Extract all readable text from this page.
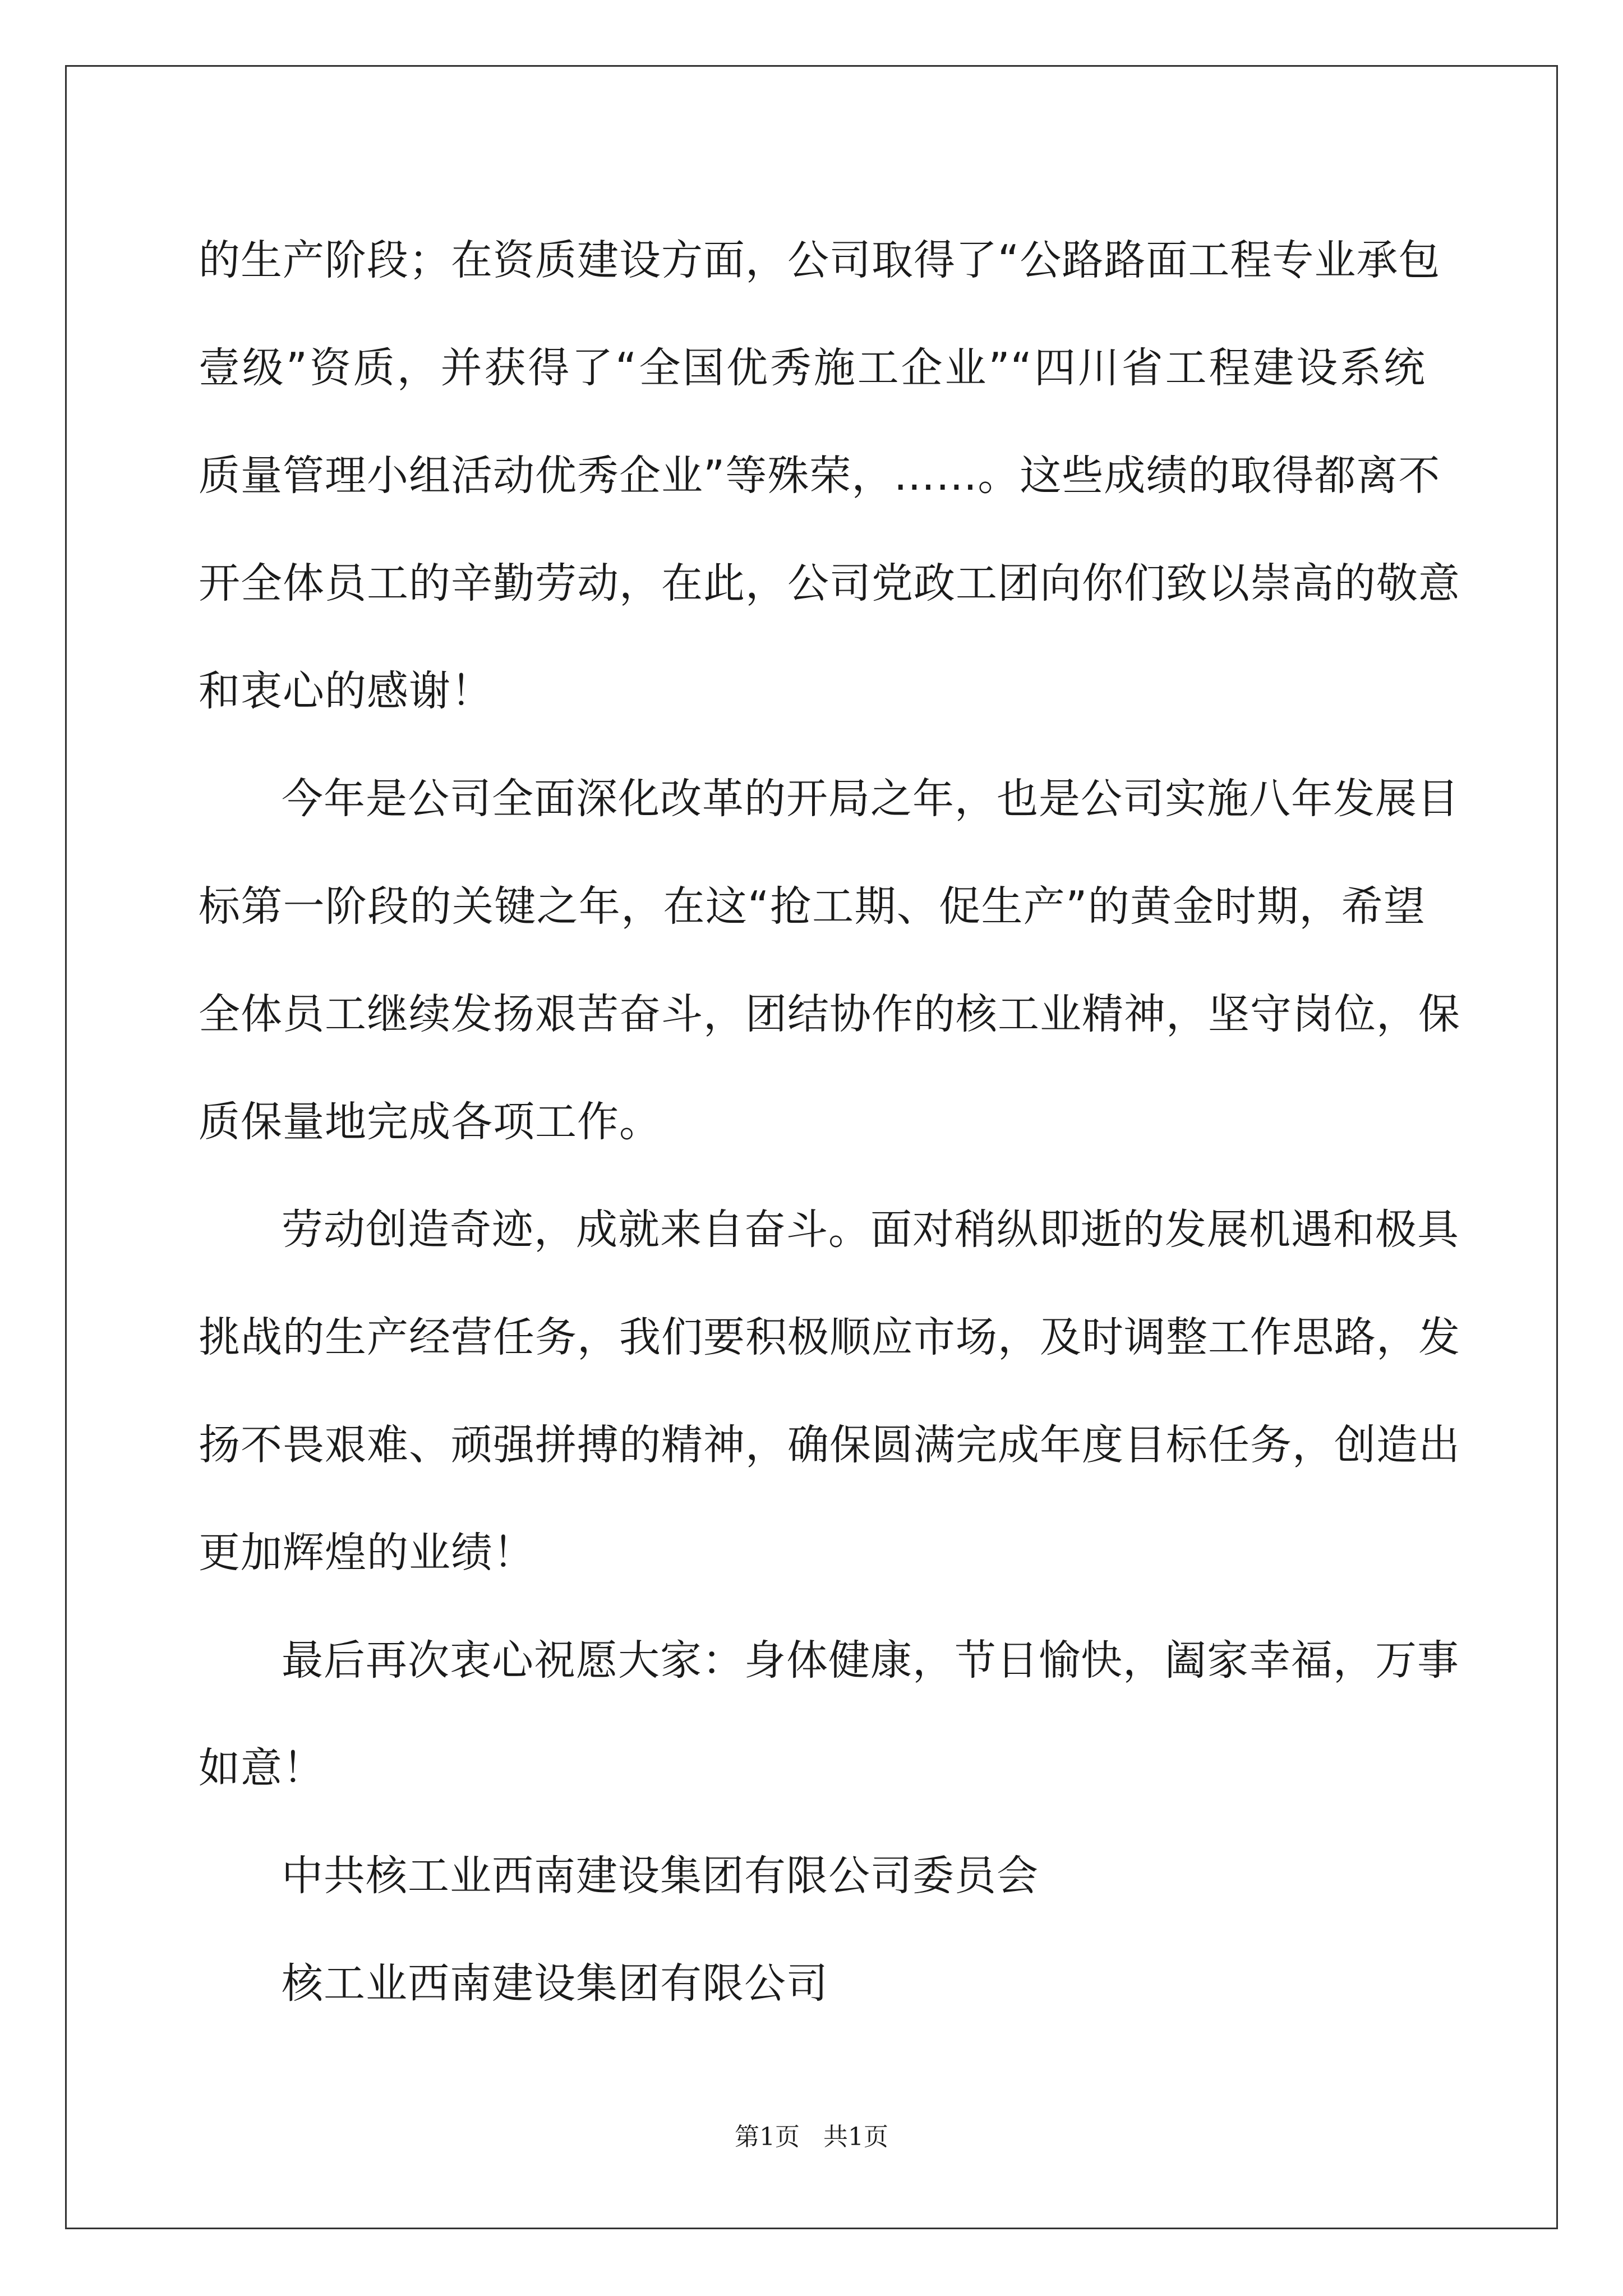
的生产阶段；在资质建设方面，公司取得了“公路路面工程专业承包
壹级”资质，并获得了“全国优秀施工企业”“四川省工程建设系统
质量管理小组活动优秀企业”等殊荣，……。这些成绩的取得都离不
开全体员工的辛勤劳动，在此，公司党政工团向你们致以崇高的敬意
和衷心的感谢！
今年是公司全面深化改革的开局之年，也是公司实施八年发展目
标第一阶段的关键之年，在这“抢工期、促生产”的黄金时期，希望
全体员工继续发扬艰苦奋斗，团结协作的核工业精神，坚守岗位，保
质保量地完成各项工作。
劳动创造奇迹，成就来自奋斗。面对稍纵即逝的发展机遇和极具
挑战的生产经营任务，我们要积极顺应市场，及时调整工作思路，发
扬不畏艰难、顽强拼搏的精神，确保圆满完成年度目标任务，创造出
更加辉煌的业绩！
最后再次衷心祝愿大家：身体健康，节日愉快，阖家幸福，万事
如意！
中共核工业西南建设集团有限公司委员会
核工业西南建设集团有限公司
第1页   共1页
